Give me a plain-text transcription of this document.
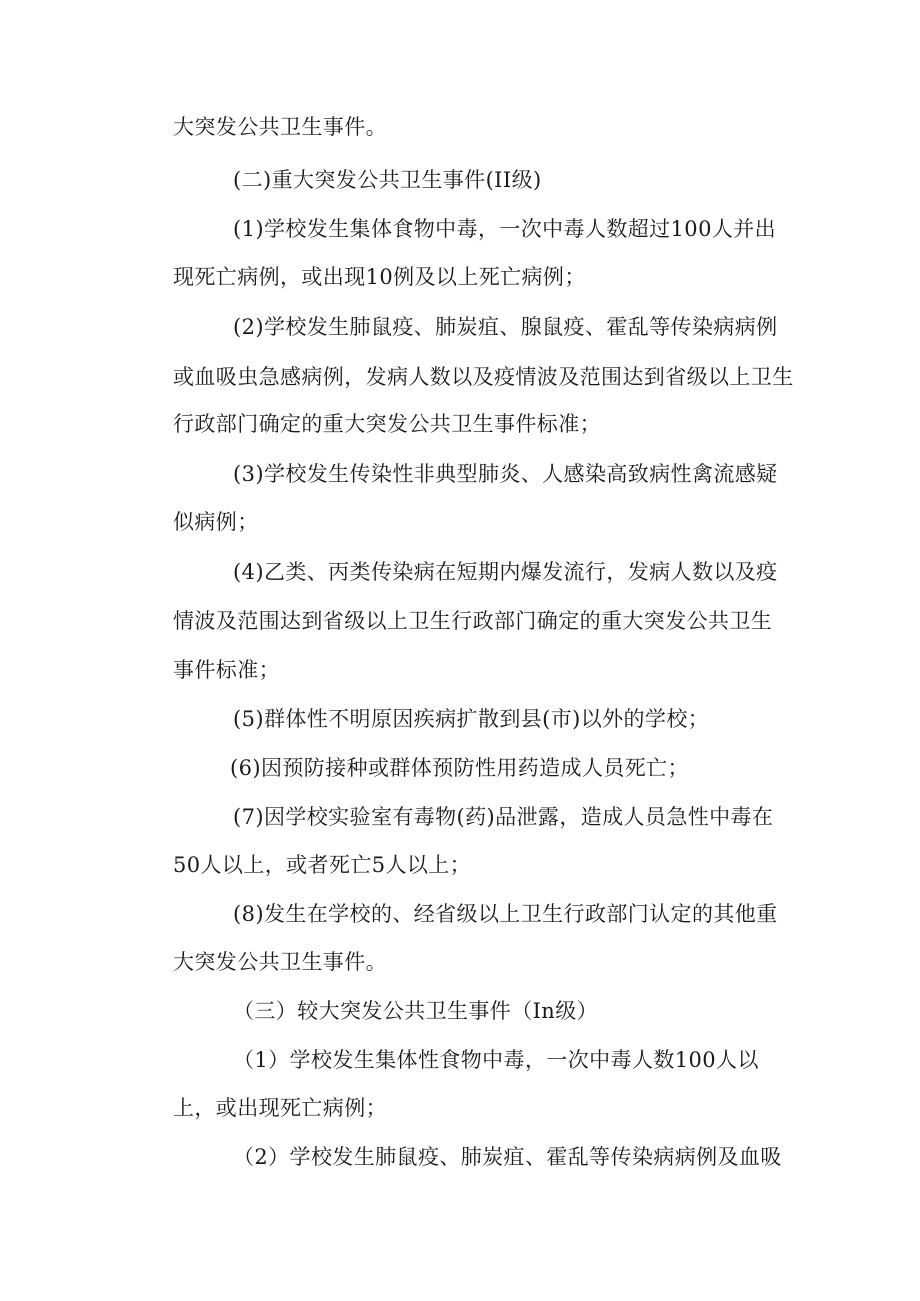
大突发公共卫生事件。

(二)重大突发公共卫生事件(II级)

(1)学校发生集体食物中毒，一次中毒人数超过100人并出

现死亡病例，或出现10例及以上死亡病例；

(2)学校发生肺鼠疫、肺炭疽、腺鼠疫、霍乱等传染病病例

或血吸虫急感病例，发病人数以及疫情波及范围达到省级以上卫生

行政部门确定的重大突发公共卫生事件标准；

(3)学校发生传染性非典型肺炎、人感染高致病性禽流感疑

似病例；

(4)乙类、丙类传染病在短期内爆发流行，发病人数以及疫

情波及范围达到省级以上卫生行政部门确定的重大突发公共卫生

事件标准；

(5)群体性不明原因疾病扩散到县(市)以外的学校；

(6)因预防接种或群体预防性用药造成人员死亡；

(7)因学校实验室有毒物(药)品泄露，造成人员急性中毒在

50人以上，或者死亡5人以上；

(8)发生在学校的、经省级以上卫生行政部门认定的其他重

大突发公共卫生事件。

（三）较大突发公共卫生事件（In级）

（1）学校发生集体性食物中毒，一次中毒人数100人以

上，或出现死亡病例；

（2）学校发生肺鼠疫、肺炭疽、霍乱等传染病病例及血吸
